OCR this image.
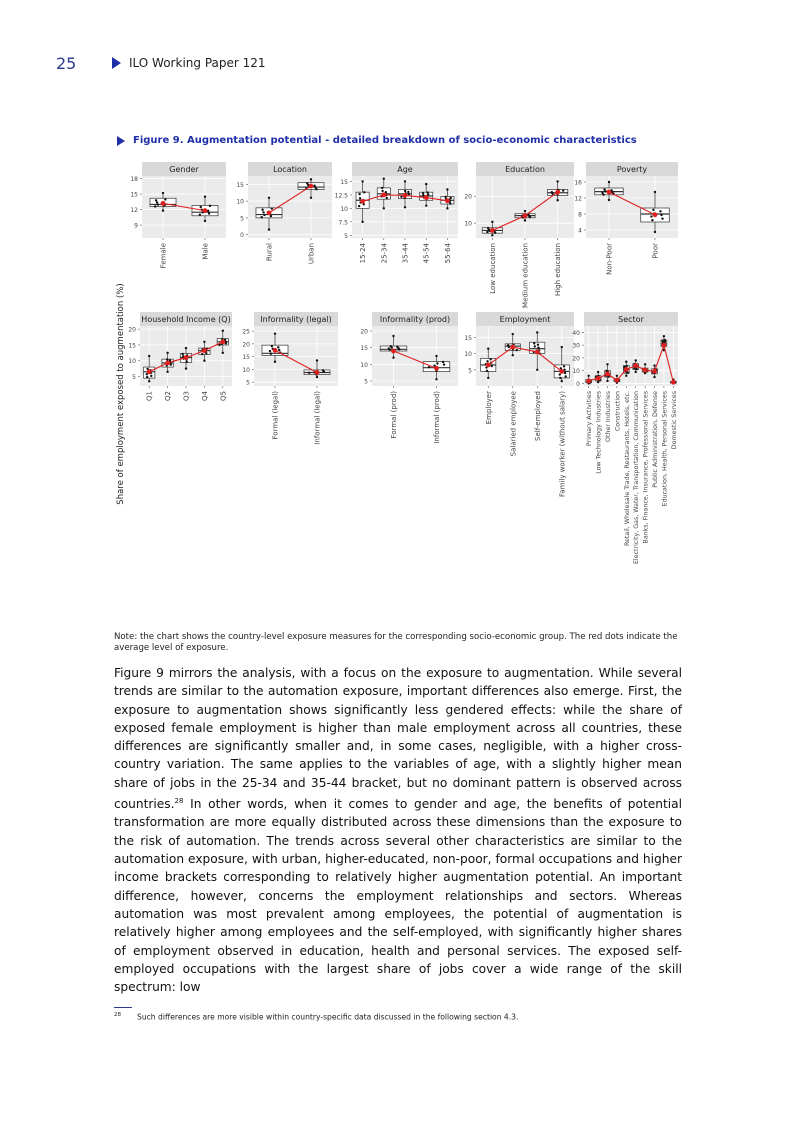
25	ILO Working Paper 121
Figure 9. Augmentation potential - detailed breakdown of socio-economic characteristics
Share of employment exposed to augmentation (%)
Gender
9
12
15
18
Female	Male
Location
0
5
10
15
Rural	Urban
Age
5
7.5
10
12.5
15
15-24 25-34 35-44 45-54 55-64
Education
10
20
Low education	Medium education	High education
Poverty
4
8
12
16
Non-Poor	Poor
Household Income (Q)
5
10
15
20
Q1 Q2 Q3 Q4 Q5
Informality (legal)
5
10
15
20
25
Formal (legal)	Informal (legal)
Informality (prod)
5
10
15
20
Formal (prod)	Informal (prod)
Employment
5
10
15
Employer Salaried employee Self-employed Family worker (without salary)
Sector
0
10
20
30
40
Primary Activities Low Technology Industries Other Industries Construction Retail, Wholesale Trade, Restaurants, Hotels, etc. Electricity, Gas, Water, Transportation, Communication Banks, Finance, Insurance, Professional Services Public Administration, Defense Education, Health, Personal Services Domestic Services
Note: the chart shows the country-level exposure measures for the corresponding socio-economic group. The red dots indicate the average level of exposure.
Figure 9 mirrors the analysis, with a focus on the exposure to augmentation. While several trends are similar to the automation exposure, important differences also emerge. First, the exposure to augmentation shows significantly less gendered effects: while the share of exposed female employment is higher than male employment across all countries, these differences are significantly smaller and, in some cases, negligible, with a higher cross-country variation. The same applies to the variables of age, with a slightly higher mean share of jobs in the 25-34 and 35-44 bracket, but no dominant pattern is observed across countries.$^{28}$ In other words, when it comes to gender and age, the benefits of potential transformation are more equally distributed across these dimensions than the exposure to the risk of automation. The trends across several other characteristics are similar to the automation exposure, with urban, higher-educated, non-poor, formal occupations and higher income brackets corresponding to relatively higher augmentation potential. An important difference, however, concerns the employment relationships and sectors. Whereas automation was most prevalent among employees, the potential of augmentation is relatively higher among employees and the self-employed, with significantly higher shares of employment observed in education, health and personal services. The exposed self-employed occupations with the largest share of jobs cover a wide range of the skill spectrum: low
$^{28}$ Such differences are more visible within country-specific data discussed in the following section 4.3.
